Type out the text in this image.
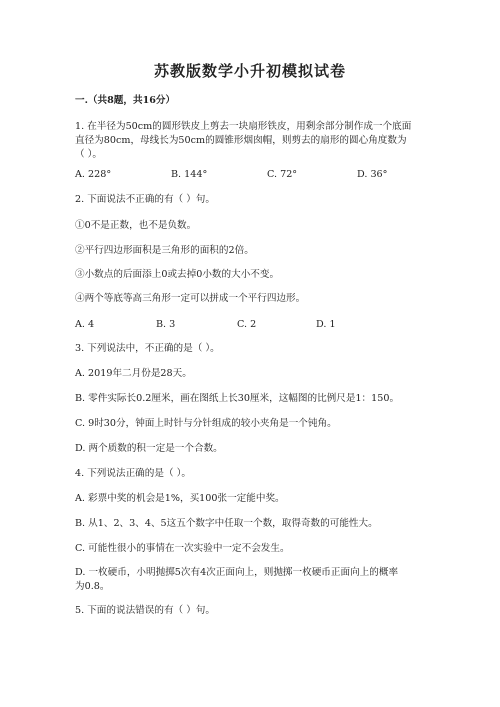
苏教版数学小升初模拟试卷
一.（共8题，共16分）
1. 在半径为50cm的圆形铁皮上剪去一块扇形铁皮，用剩余部分制作成一个底面
直径为80cm，母线长为50cm的圆锥形烟囱帽，则剪去的扇形的圆心角度数为
（ ）。
A. 228°	B. 144°	C. 72°	D. 36°
2. 下面说法不正确的有（ ）句。
①0不是正数，也不是负数。
②平行四边形面积是三角形的面积的2倍。
③小数点的后面添上0或去掉0小数的大小不变。
④两个等底等高三角形一定可以拼成一个平行四边形。
A. 4	B. 3	C. 2	D. 1
3. 下列说法中，不正确的是（ ）。
A. 2019年二月份是28天。
B. 零件实际长0.2厘米，画在图纸上长30厘米，这幅图的比例尺是1：150。
C. 9时30分，钟面上时针与分针组成的较小夹角是一个钝角。
D. 两个质数的积一定是一个合数。
4. 下列说法正确的是（ ）。
A. 彩票中奖的机会是1%，买100张一定能中奖。
B. 从1、2、3、4、5这五个数字中任取一个数，取得奇数的可能性大。
C. 可能性很小的事情在一次实验中一定不会发生。
D. 一枚硬币，小明抛掷5次有4次正面向上，则抛掷一枚硬币正面向上的概率
为0.8。
5. 下面的说法错误的有（ ）句。
